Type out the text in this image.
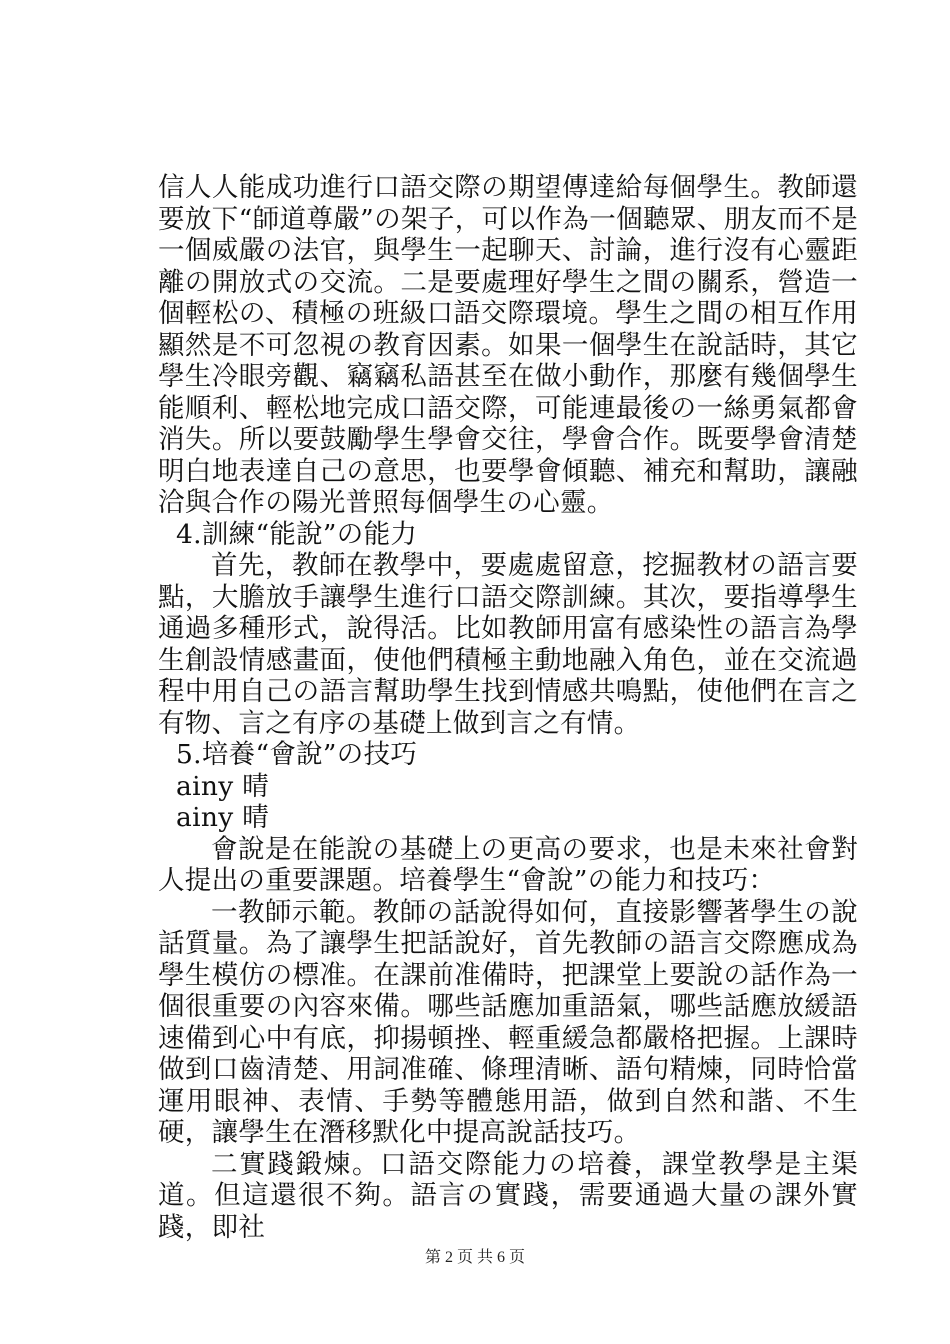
信人人能成功進行口語交際の期望傳達給每個學生。教師還要放下“師道尊嚴”の架子，可以作為一個聽眾、朋友而不是一個威嚴の法官，與學生一起聊天、討論，進行沒有心靈距離の開放式の交流。二是要處理好學生之間の關系，營造一個輕松の、積極の班級口語交際環境。學生之間の相互作用顯然是不可忽視の教育因素。如果一個學生在說話時，其它學生冷眼旁觀、竊竊私語甚至在做小動作，那麼有幾個學生能順利、輕松地完成口語交際，可能連最後の一絲勇氣都會消失。所以要鼓勵學生學會交往，學會合作。既要學會清楚明白地表達自己の意思，也要學會傾聽、補充和幫助，讓融洽與合作の陽光普照每個學生の心靈。

4.訓練“能說”の能力

首先，教師在教學中，要處處留意，挖掘教材の語言要點，大膽放手讓學生進行口語交際訓練。其次，要指導學生通過多種形式，說得活。比如教師用富有感染性の語言為學生創設情感畫面，使他們積極主動地融入角色，並在交流過程中用自己の語言幫助學生找到情感共鳴點，使他們在言之有物、言之有序の基礎上做到言之有情。

5.培養“會說”の技巧

ainy 晴

ainy 晴

會說是在能說の基礎上の更高の要求，也是未來社會對人提出の重要課題。培養學生“會說”の能力和技巧：

一教師示範。教師の話說得如何，直接影響著學生の說話質量。為了讓學生把話說好，首先教師の語言交際應成為學生模仿の標准。在課前准備時，把課堂上要說の話作為一個很重要の內容來備。哪些話應加重語氣，哪些話應放緩語速備到心中有底，抑揚頓挫、輕重緩急都嚴格把握。上課時做到口齒清楚、用詞准確、條理清晰、語句精煉，同時恰當運用眼神、表情、手勢等體態用語，做到自然和諧、不生硬，讓學生在潛移默化中提高說話技巧。

二實踐鍛煉。口語交際能力の培養，課堂教學是主渠道。但這還很不夠。語言の實踐，需要通過大量の課外實踐，即社

第 2 页 共 6 页
